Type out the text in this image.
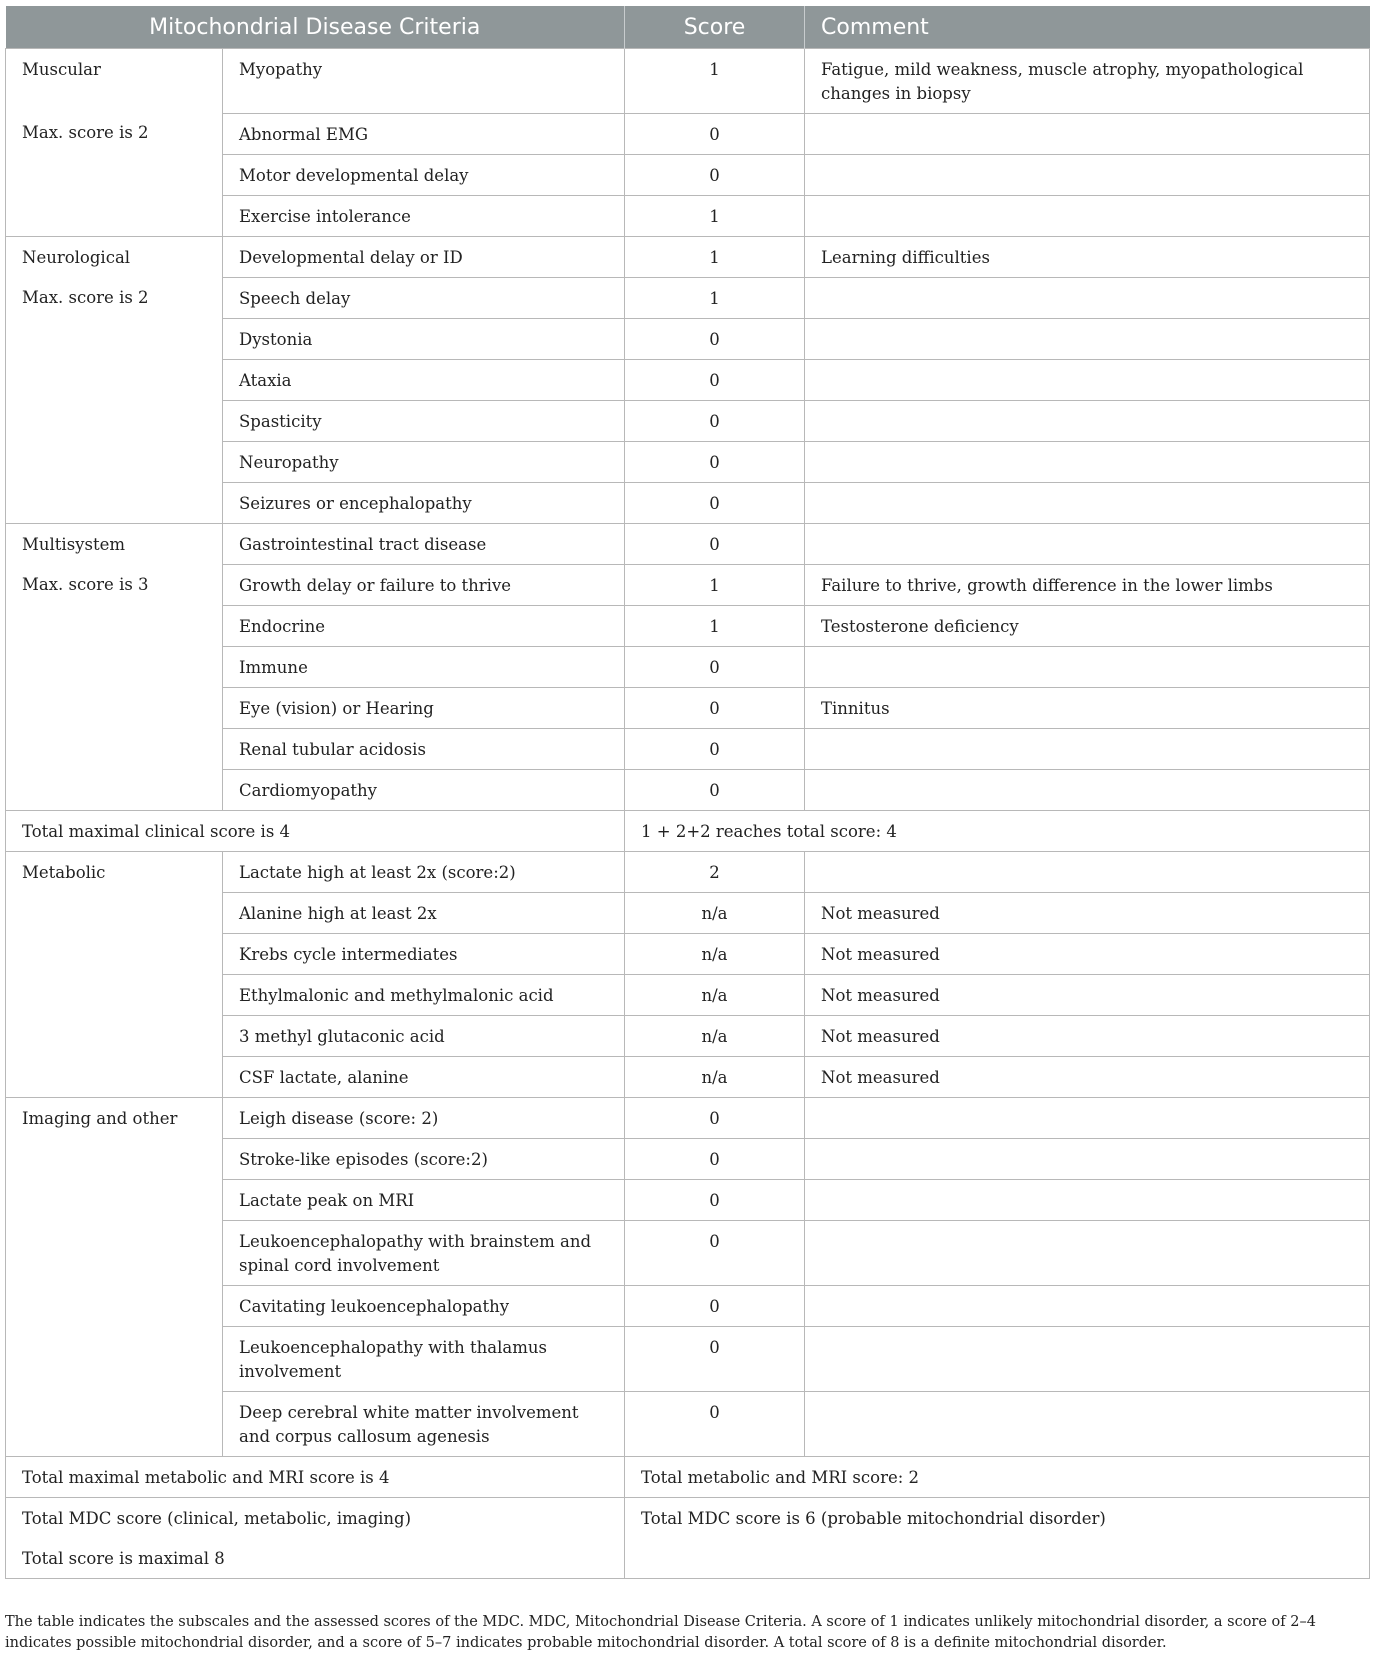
Mitochondrial Disease Criteria		Score	Comment

Muscular
Max. score is 2	Myopathy	1	Fatigue, mild weakness, muscle atrophy, myopathological changes in biopsy
	Abnormal EMG	0	
	Motor developmental delay	0	
	Exercise intolerance	1	

Neurological
Max. score is 2	Developmental delay or ID	1	Learning difficulties
	Speech delay	1	
	Dystonia	0	
	Ataxia	0	
	Spasticity	0	
	Neuropathy	0	
	Seizures or encephalopathy	0	

Multisystem
Max. score is 3	Gastrointestinal tract disease	0	
	Growth delay or failure to thrive	1	Failure to thrive, growth difference in the lower limbs
	Endocrine	1	Testosterone deficiency
	Immune	0	
	Eye (vision) or Hearing	0	Tinnitus
	Renal tubular acidosis	0	
	Cardiomyopathy	0	
Total maximal clinical score is 4		1 + 2+2 reaches total score: 4	

Metabolic	Lactate high at least 2x (score:2)	2	
	Alanine high at least 2x	n/a	Not measured
	Krebs cycle intermediates	n/a	Not measured
	Ethylmalonic and methylmalonic acid	n/a	Not measured
	3 methyl glutaconic acid	n/a	Not measured
	CSF lactate, alanine	n/a	Not measured

Imaging and other	Leigh disease (score: 2)	0	
	Stroke-like episodes (score:2)	0	
	Lactate peak on MRI	0	
	Leukoencephalopathy with brainstem and spinal cord involvement	0	
	Cavitating leukoencephalopathy	0	
	Leukoencephalopathy with thalamus involvement	0	
	Deep cerebral white matter involvement and corpus callosum agenesis	0	
Total maximal metabolic and MRI score is 4		Total metabolic and MRI score: 2	

Total MDC score (clinical, metabolic, imaging)
Total score is maximal 8		Total MDC score is 6 (probable mitochondrial disorder)	
The table indicates the subscales and the assessed scores of the MDC. MDC, Mitochondrial Disease Criteria. A score of 1 indicates unlikely mitochondrial disorder, a score of 2–4 indicates possible mitochondrial disorder, and a score of 5–7 indicates probable mitochondrial disorder. A total score of 8 is a definite mitochondrial disorder.
